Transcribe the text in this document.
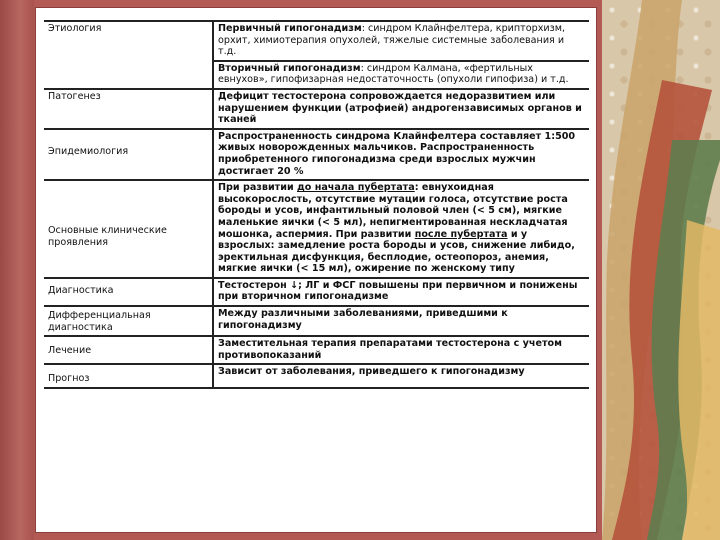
Этиология	Первичный гипогонадизм: синдром Клайнфелтера, крипторхизм, орхит, химиотерапия опухолей, тяжелые системные заболевания и т.д.
	Вторичный гипогонадизм: синдром Калмана, «фертильных евнухов», гипофизарная недостаточность (опухоли гипофиза) и т.д.
Патогенез	Дефицит тестостерона сопровождается недоразвитием или нарушением функции (атрофией) андрогензависимых органов и тканей
Эпидемиология	Распространенность синдрома Клайнфелтера составляет 1:500 живых новорожденных мальчиков. Распространенность приобретенного гипогонадизма среди взрослых мужчин достигает 20 %
Основные клинические проявления	При развитии до начала пубертата: евнухоидная высокорослость, отсутствие мутации голоса, отсутствие роста бороды и усов, инфантильный половой член (< 5 см), мягкие маленькие яички (< 5 мл), непигментированная нескладчатая мошонка, аспермия. При развитии после пубертата и у взрослых: замедление роста бороды и усов, снижение либидо, эректильная дисфункция, бесплодие, остеопороз, анемия, мягкие яички (< 15 мл), ожирение по женскому типу
Диагностика	Тестостерон ↓; ЛГ и ФСГ повышены при первичном и понижены при вторичном гипогонадизме
Дифференциальная диагностика	Между различными заболеваниями, приведшими к гипогонадизму
Лечение	Заместительная терапия препаратами тестостерона с учетом противопоказаний
Прогноз	Зависит от заболевания, приведшего к гипогонадизму
